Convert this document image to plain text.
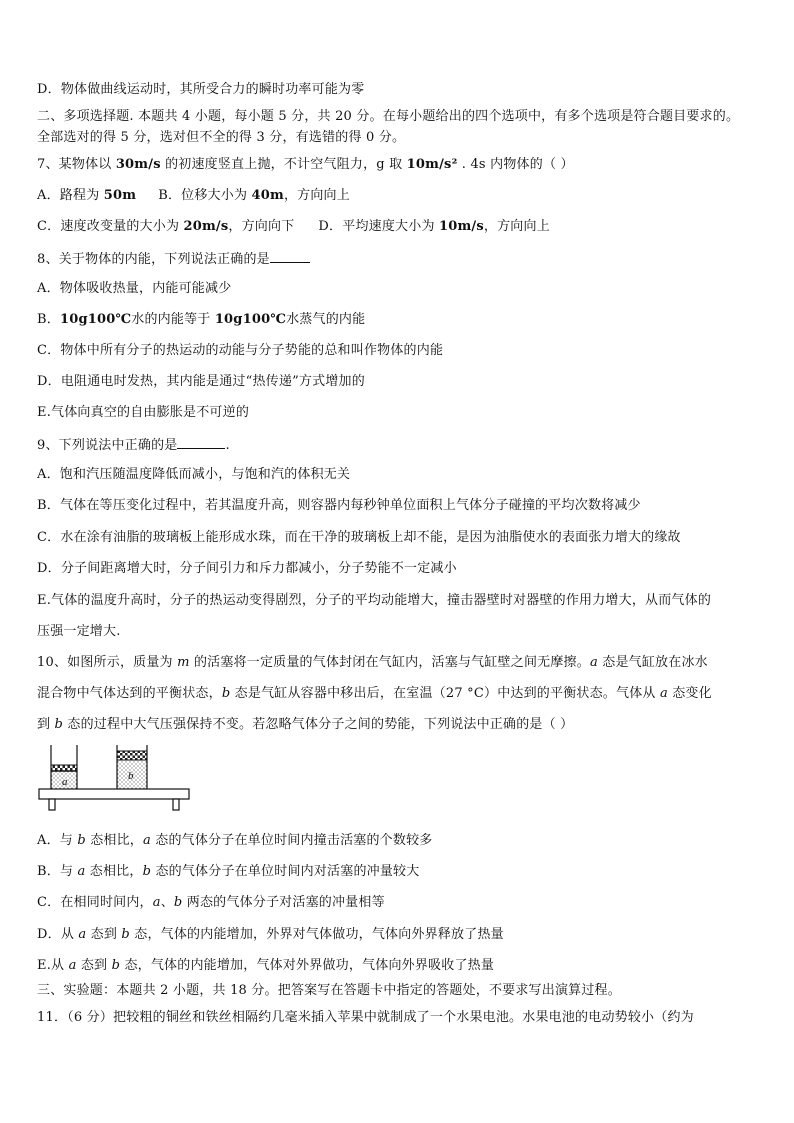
D．物体做曲线运动时，其所受合力的瞬时功率可能为零
二、多项选择题. 本题共 4 小题，每小题 5 分，共 20 分。在每小题给出的四个选项中，有多个选项是符合题目要求的。
全部选对的得 5 分，选对但不全的得 3 分，有选错的得 0 分。
7、某物体以 30m/s 的初速度竖直上抛，不计空气阻力，g 取 10m/s² . 4s 内物体的（ ）
A．路程为 50m B．位移大小为 40m，方向向上
C．速度改变量的大小为 20m/s，方向向下 D．平均速度大小为 10m/s，方向向上
8、关于物体的内能，下列说法正确的是
A．物体吸收热量，内能可能减少
B．10g100℃水的内能等于 10g100℃水蒸气的内能
C．物体中所有分子的热运动的动能与分子势能的总和叫作物体的内能
D．电阻通电时发热，其内能是通过“热传递”方式增加的
E.气体向真空的自由膨胀是不可逆的
9、下列说法中正确的是	.
A．饱和汽压随温度降低而减小，与饱和汽的体积无关
B．气体在等压变化过程中，若其温度升高，则容器内每秒钟单位面积上气体分子碰撞的平均次数将减少
C．水在涂有油脂的玻璃板上能形成水珠，而在干净的玻璃板上却不能，是因为油脂使水的表面张力增大的缘故
D．分子间距离增大时，分子间引力和斥力都减小，分子势能不一定减小
E.气体的温度升高时，分子的热运动变得剧烈，分子的平均动能增大，撞击器壁时对器壁的作用力增大，从而气体的
压强一定增大.
10、如图所示，质量为 m 的活塞将一定质量的气体封闭在气缸内，活塞与气缸壁之间无摩擦。a 态是气缸放在冰水
混合物中气体达到的平衡状态，b 态是气缸从容器中移出后，在室温（27 °C）中达到的平衡状态。气体从 a 态变化
到 b 态的过程中大气压强保持不变。若忽略气体分子之间的势能，下列说法中正确的是（ ）
a	b
A．与 b 态相比，a 态的气体分子在单位时间内撞击活塞的个数较多
B．与 a 态相比，b 态的气体分子在单位时间内对活塞的冲量较大
C．在相同时间内，a、b 两态的气体分子对活塞的冲量相等
D．从 a 态到 b 态，气体的内能增加，外界对气体做功，气体向外界释放了热量
E.从 a 态到 b 态，气体的内能增加，气体对外界做功，气体向外界吸收了热量
三、实验题：本题共 2 小题，共 18 分。把答案写在答题卡中指定的答题处，不要求写出演算过程。
11．（6 分）把较粗的铜丝和铁丝相隔约几毫米插入苹果中就制成了一个水果电池。水果电池的电动势较小（约为
